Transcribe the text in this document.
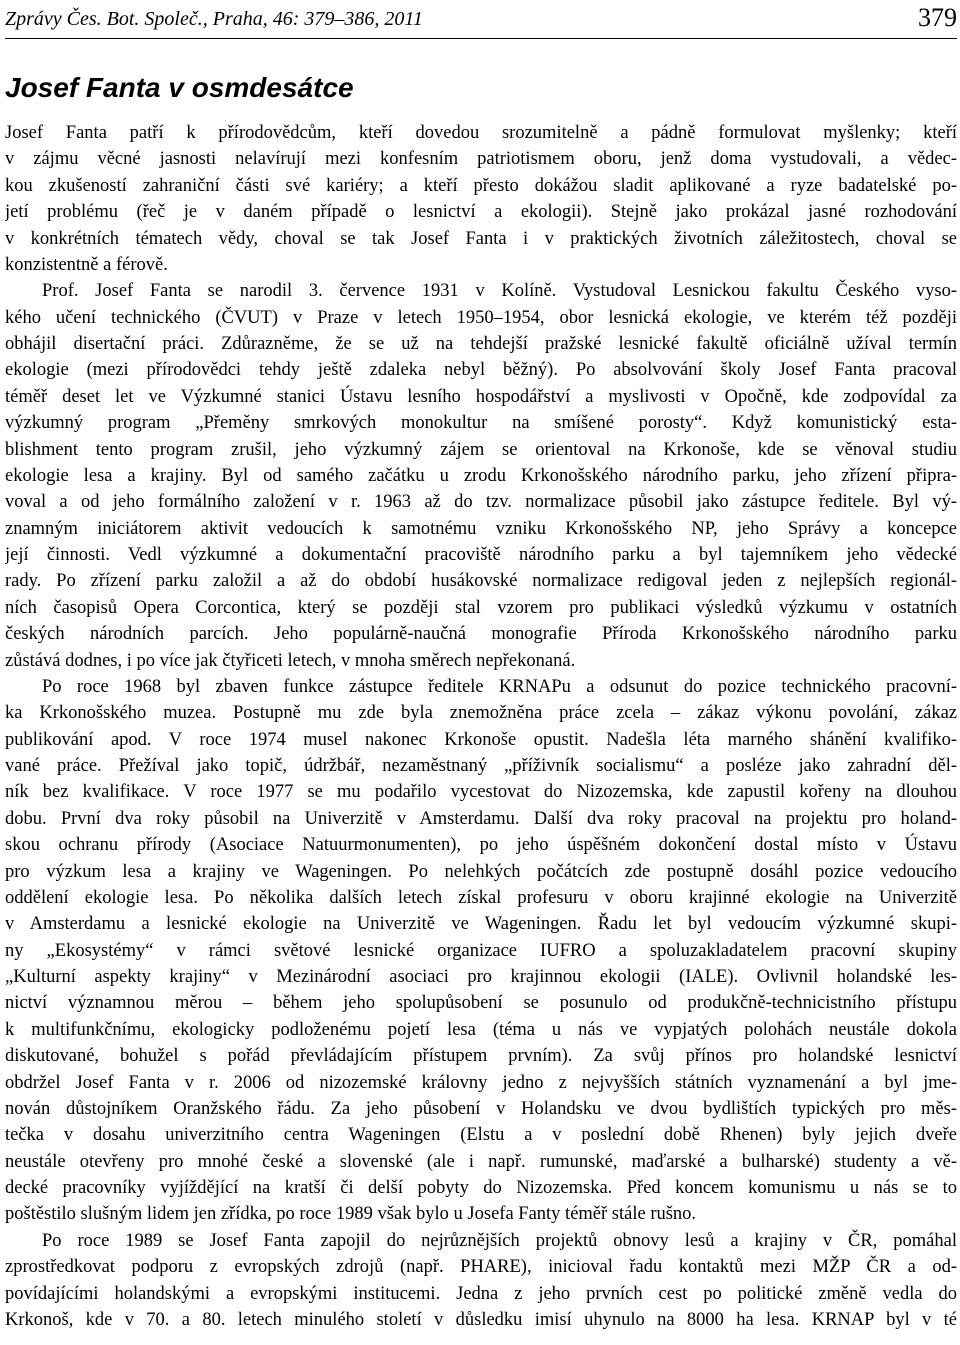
Zprávy Čes. Bot. Společ., Praha, 46: 379–386, 2011	379
Josef Fanta v osmdesátce
Josef Fanta patří k přírodovědcům, kteří dovedou srozumitelně a pádně formulovat myšlenky; kteří
v zájmu věcné jasnosti nelavírují mezi konfesním patriotismem oboru, jenž doma vystudovali, a vědec-
kou zkušeností zahraniční části své kariéry; a kteří přesto dokážou sladit aplikované a ryze badatelské po-
jetí problému (řeč je v daném případě o lesnictví a ekologii). Stejně jako prokázal jasné rozhodování
v konkrétních tématech vědy, choval se tak Josef Fanta i v praktických životních záležitostech, choval se
konzistentně a férově.
Prof. Josef Fanta se narodil 3. července 1931 v Kolíně. Vystudoval Lesnickou fakultu Českého vyso-
kého učení technického (ČVUT) v Praze v letech 1950–1954, obor lesnická ekologie, ve kterém též později
obhájil disertační práci. Zdůrazněme, že se už na tehdejší pražské lesnické fakultě oficiálně užíval termín
ekologie (mezi přírodovědci tehdy ještě zdaleka nebyl běžný). Po absolvování školy Josef Fanta pracoval
téměř deset let ve Výzkumné stanici Ústavu lesního hospodářství a myslivosti v Opočně, kde zodpovídal za
výzkumný program „Přeměny smrkových monokultur na smíšené porosty“. Když komunistický esta-
blishment tento program zrušil, jeho výzkumný zájem se orientoval na Krkonoše, kde se věnoval studiu
ekologie lesa a krajiny. Byl od samého začátku u zrodu Krkonošského národního parku, jeho zřízení připra-
voval a od jeho formálního založení v r. 1963 až do tzv. normalizace působil jako zástupce ředitele. Byl vý-
znamným iniciátorem aktivit vedoucích k samotnému vzniku Krkonošského NP, jeho Správy a koncepce
její činnosti. Vedl výzkumné a dokumentační pracoviště národního parku a byl tajemníkem jeho vědecké
rady. Po zřízení parku založil a až do období husákovské normalizace redigoval jeden z nejlepších regionál-
ních časopisů Opera Corcontica, který se později stal vzorem pro publikaci výsledků výzkumu v ostatních
českých národních parcích. Jeho populárně-naučná monografie Příroda Krkonošského národního parku
zůstává dodnes, i po více jak čtyřiceti letech, v mnoha směrech nepřekonaná.
Po roce 1968 byl zbaven funkce zástupce ředitele KRNAPu a odsunut do pozice technického pracovní-
ka Krkonošského muzea. Postupně mu zde byla znemožněna práce zcela – zákaz výkonu povolání, zákaz
publikování apod. V roce 1974 musel nakonec Krkonoše opustit. Nadešla léta marného shánění kvalifiko-
vané práce. Přežíval jako topič, údržbář, nezaměstnaný „příživník socialismu“ a posléze jako zahradní děl-
ník bez kvalifikace. V roce 1977 se mu podařilo vycestovat do Nizozemska, kde zapustil kořeny na dlouhou
dobu. První dva roky působil na Univerzitě v Amsterdamu. Další dva roky pracoval na projektu pro holand-
skou ochranu přírody (Asociace Natuurmonumenten), po jeho úspěšném dokončení dostal místo v Ústavu
pro výzkum lesa a krajiny ve Wageningen. Po nelehkých počátcích zde postupně dosáhl pozice vedoucího
oddělení ekologie lesa. Po několika dalších letech získal profesuru v oboru krajinné ekologie na Univerzitě
v Amsterdamu a lesnické ekologie na Univerzitě ve Wageningen. Řadu let byl vedoucím výzkumné skupi-
ny „Ekosystémy“ v rámci světové lesnické organizace IUFRO a spoluzakladatelem pracovní skupiny
„Kulturní aspekty krajiny“ v Mezinárodní asociaci pro krajinnou ekologii (IALE). Ovlivnil holandské les-
nictví významnou měrou – během jeho spolupůsobení se posunulo od produkčně-technicistního přístupu
k multifunkčnímu, ekologicky podloženému pojetí lesa (téma u nás ve vypjatých polohách neustále dokola
diskutované, bohužel s pořád převládajícím přístupem prvním). Za svůj přínos pro holandské lesnictví
obdržel Josef Fanta v r. 2006 od nizozemské královny jedno z nejvyšších státních vyznamenání a byl jme-
nován důstojníkem Oranžského řádu. Za jeho působení v Holandsku ve dvou bydlištích typických pro měs-
tečka v dosahu univerzitního centra Wageningen (Elstu a v poslední době Rhenen) byly jejich dveře
neustále otevřeny pro mnohé české a slovenské (ale i např. rumunské, maďarské a bulharské) studenty a vě-
decké pracovníky vyjíždějící na kratší či delší pobyty do Nizozemska. Před koncem komunismu u nás se to
poštěstilo slušným lidem jen zřídka, po roce 1989 však bylo u Josefa Fanty téměř stále rušno.
Po roce 1989 se Josef Fanta zapojil do nejrůznějších projektů obnovy lesů a krajiny v ČR, pomáhal
zprostředkovat podporu z evropských zdrojů (např. PHARE), inicioval řadu kontaktů mezi MŽP ČR a od-
povídajícími holandskými a evropskými institucemi. Jedna z jeho prvních cest po politické změně vedla do
Krkonoš, kde v 70. a 80. letech minulého století v důsledku imisí uhynulo na 8000 ha lesa. KRNAP byl v té
